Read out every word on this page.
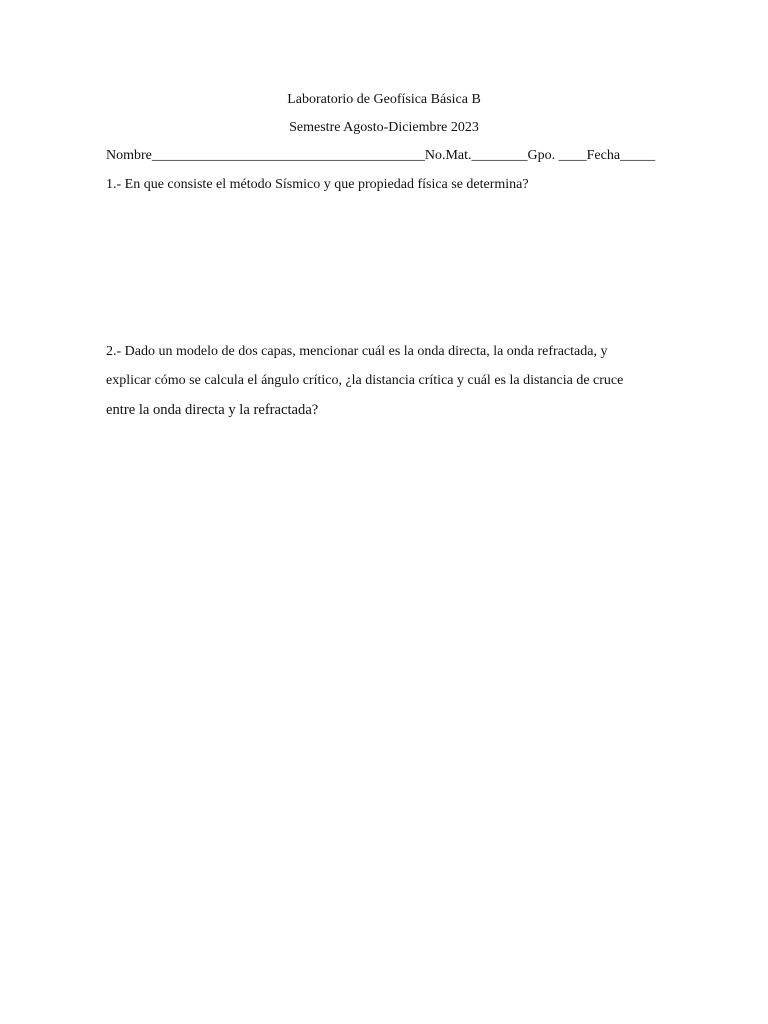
Laboratorio de Geofísica Básica B

Semestre Agosto-Diciembre 2023

Nombre_______________________________________No.Mat.________Gpo. ____Fecha_____

1.- En que consiste el método Sísmico y que propiedad física se determina?

2.- Dado un modelo de dos capas, mencionar cuál es la onda directa, la onda refractada, y

explicar cómo se calcula el ángulo crítico, ¿la distancia crítica y cuál es la distancia de cruce

entre la onda directa y la refractada?
